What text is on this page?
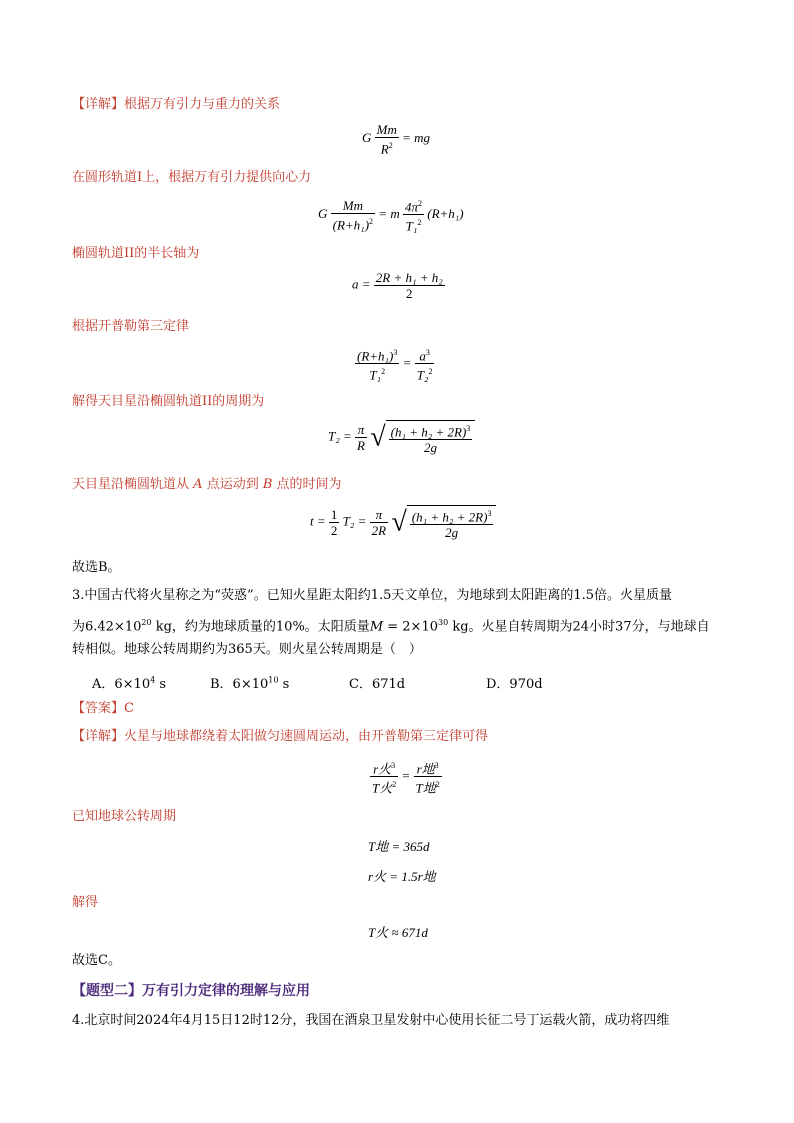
【详解】根据万有引力与重力的关系
G $\frac{Mm}{R^2}$ = mg
在圆形轨道I上，根据万有引力提供向心力
G $\frac{Mm}{(R+h_1)^2} = m \frac{4\pi^2}{T_1^2} (R+h_1)$
椭圆轨道II的半长轴为
$a = \frac{\text{2R + h₁ + h₂}}{2}$
根据开普勒第三定律
$\frac{(R+h_1)^3}{T_1^2} = \frac{a^3}{T_2^2}$
解得天目星沿椭圆轨道II的周期为
$T_2 = \frac{\pi}{R}$ √ $\frac{(h_1 + h_2 + 2R)^3}{2g}$
天目星沿椭圆轨道从 A 点运动到 B 点的时间为
$t = \frac{1}{2} T_2 = \frac{\pi}{2R}$ √ $\frac{(h_1 + h_2 + 2R)^3}{2g}$
故选B。
3.中国古代将火星称之为“荧惑”。已知火星距太阳约1.5天文单位，为地球到太阳距离的1.5倍。火星质量
为$6.42\times 10^{20}$ kg，约为地球质量的10%。太阳质量$M = 2\times 10^{30}$ kg。火星自转周期为24小时37分，与地球自
转相似。地球公转周期约为365天。则火星公转周期是（　）
A．$6\times 10^4$ s	B．$6\times 10^{10}$ s	C．671d	D．970d
【答案】C
【详解】火星与地球都绕着太阳做匀速圆周运动，由开普勒第三定律可得
$\frac{r火^3}{T火^2} = \frac{r地^3}{T地^2}$
已知地球公转周期
T地 = 365d
r火 = 1.5r地
解得
T火 ≈ 671d
故选C。
【题型二】万有引力定律的理解与应用
4.北京时间2024年4月15日12时12分，我国在酒泉卫星发射中心使用长征二号丁运载火箭，成功将四维
